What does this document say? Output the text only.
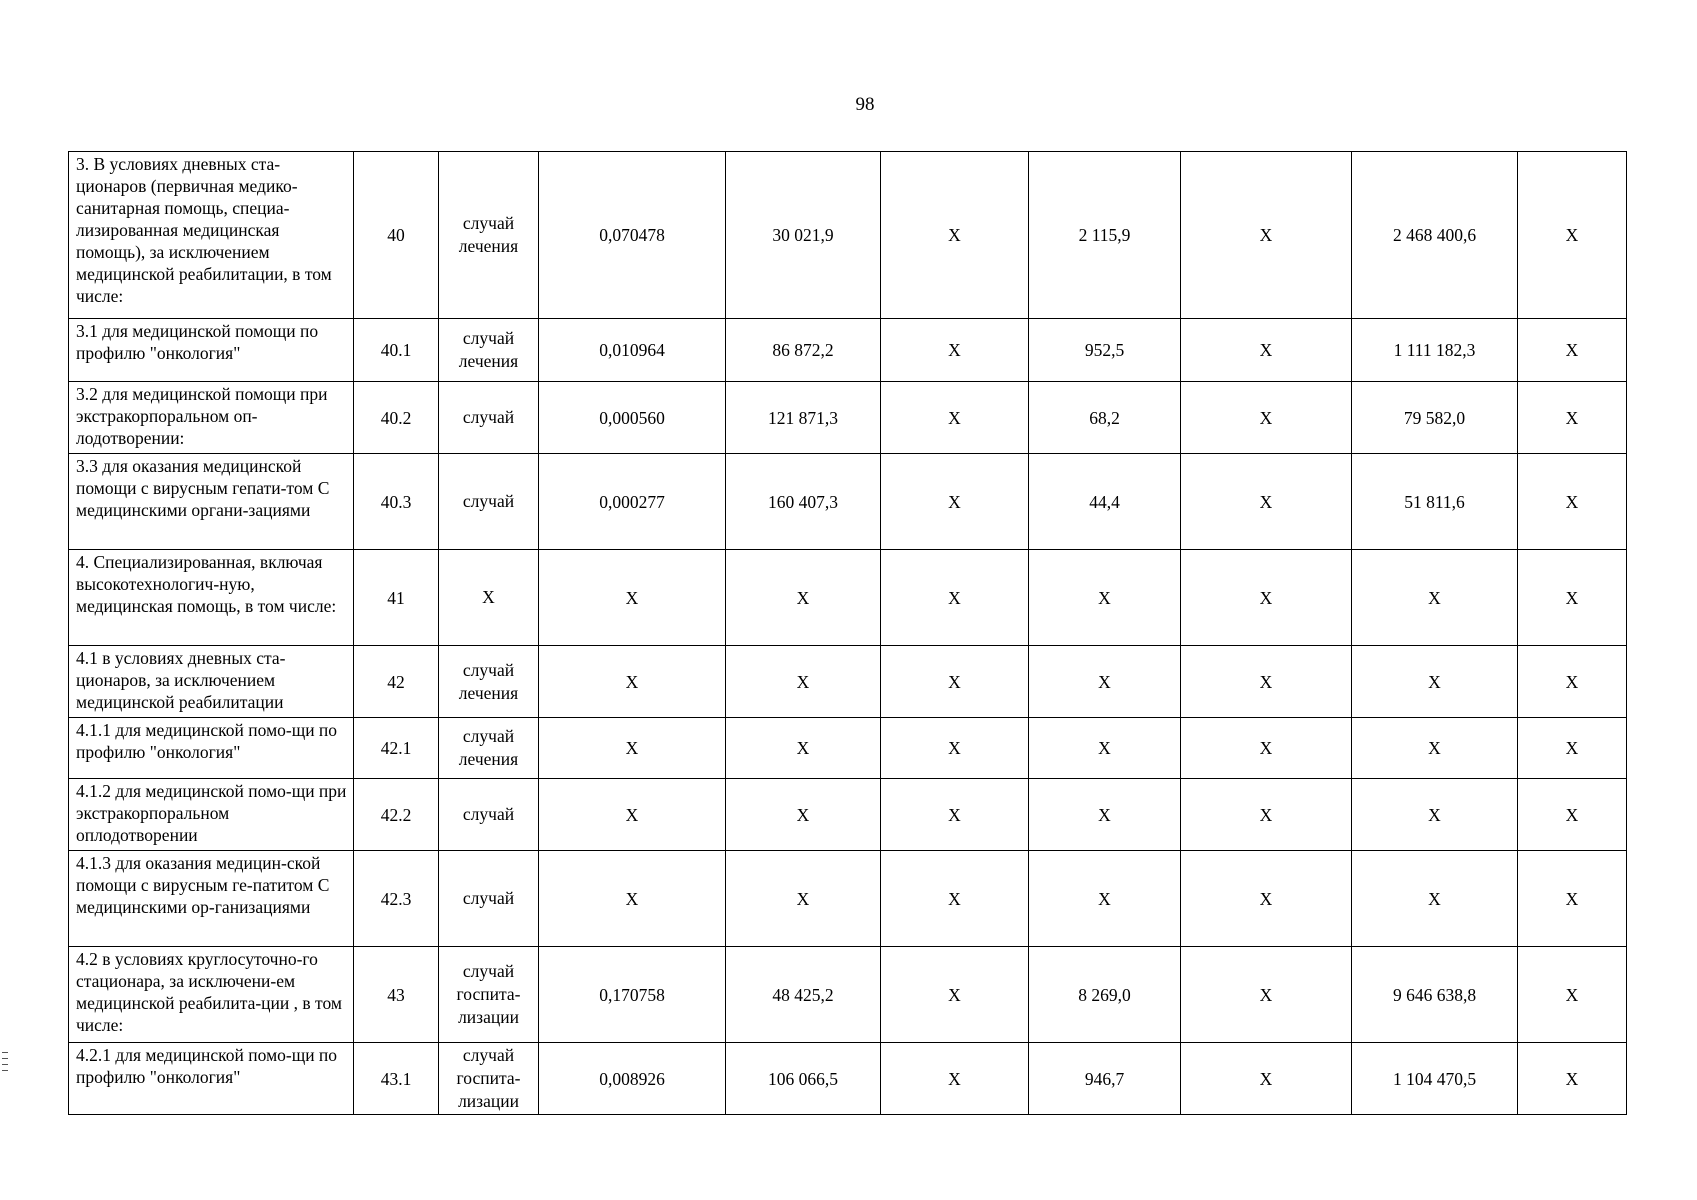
98
3. В условиях дневных ста-ционаров (первичная медико-санитарная помощь, специа-лизированная медицинская помощь), за исключением медицинской реабилитации, в том числе:	40	случай лечения	0,070478	30 021,9	X	2 115,9	X	2 468 400,6	X
3.1 для медицинской помощи по профилю "онкология"	40.1	случай лечения	0,010964	86 872,2	X	952,5	X	1 111 182,3	X
3.2 для медицинской помощи при экстракорпоральном оп-лодотворении:	40.2	случай	0,000560	121 871,3	X	68,2	X	79 582,0	X
3.3 для оказания медицинской помощи с вирусным гепати-том С медицинскими органи-зациями	40.3	случай	0,000277	160 407,3	X	44,4	X	51 811,6	X
4. Специализированная, включая высокотехнологич-ную, медицинская помощь, в том числе:	41	X	X	X	X	X	X	X	X
4.1 в условиях дневных ста-ционаров, за исключением медицинской реабилитации	42	случай лечения	X	X	X	X	X	X	X
4.1.1 для медицинской помо-щи по профилю "онкология"	42.1	случай лечения	X	X	X	X	X	X	X
4.1.2 для медицинской помо-щи при экстракорпоральном оплодотворении	42.2	случай	X	X	X	X	X	X	X
4.1.3 для оказания медицин-ской помощи с вирусным ге-патитом С медицинскими ор-ганизациями	42.3	случай	X	X	X	X	X	X	X
4.2 в условиях круглосуточно-го стационара, за исключени-ем медицинской реабилита-ции , в том числе:	43	случай госпита-лизации	0,170758	48 425,2	X	8 269,0	X	9 646 638,8	X
4.2.1 для медицинской помо-щи по профилю "онкология"	43.1	случай госпита-лизации	0,008926	106 066,5	X	946,7	X	1 104 470,5	X
